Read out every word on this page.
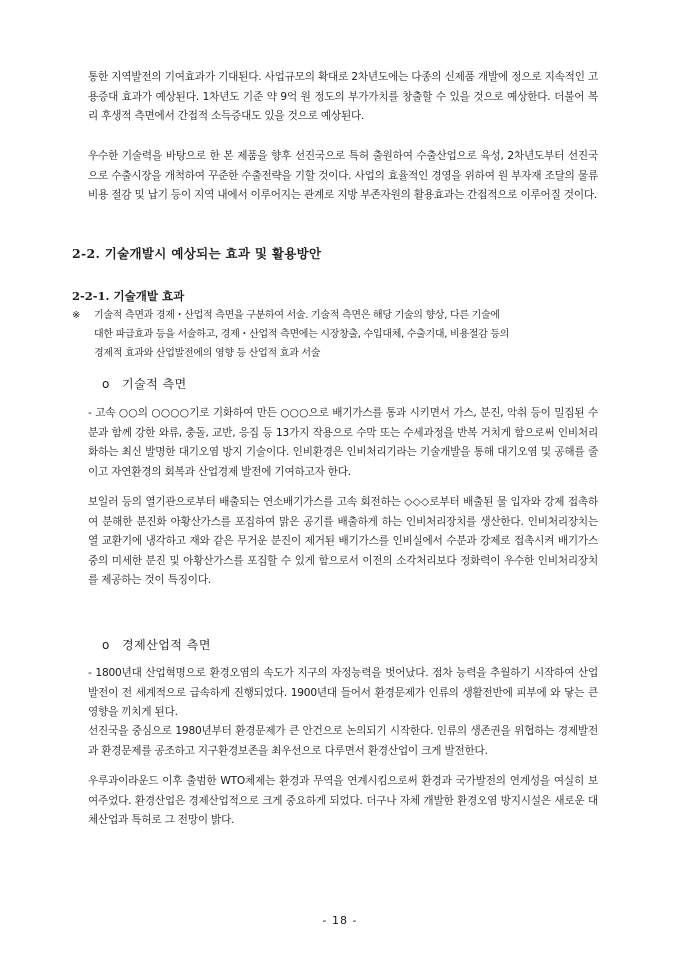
통한 지역발전의 기여효과가 기대된다. 사업규모의 확대로 2차년도에는 다종의 신제품 개발에 정으로 지속적인 고용증대 효과가 예상된다. 1차년도 기준 약 9억 원 정도의 부가가치를 창출할 수 있을 것으로 예상한다. 더불어 복리 후생적 측면에서 간접적 소득증대도 있을 것으로 예상된다.

우수한 기술력을 바탕으로 한 본 제품을 향후 선진국으로 특허 출원하여 수출산업으로 육성, 2차년도부터 선진국으로 수출시장을 개척하여 꾸준한 수출전략을 기할 것이다. 사업의 효율적인 경영을 위하여 원 부자재 조달의 물류비용 절감 및 납기 등이 지역 내에서 이루어지는 관계로 지방 부존자원의 활용효과는 간접적으로 이루어질 것이다.

2-2. 기술개발시 예상되는 효과 및 활용방안
2-2-1. 기술개발 효과
※ 기술적 측면과 경제・산업적 측면을 구분하여 서술. 기술적 측면은 해당 기술의 향상, 다른 기술에
대한 파급효과 등을 서술하고, 경제・산업적 측면에는 시장창출, 수입대체, 수출기대, 비용절감 등의
경제적 효과와 산업발전에의 영향 등 산업적 효과 서술
o 기술적 측면

- 고속 ○○의 ○○○○기로 기화하여 만든 ○○○으로 배기가스를 통과 시키면서 가스, 분진, 악취 등이 밀집된 수분과 함께 강한 와류, 충돌, 교반, 응집 등 13가지 작용으로 수막 또는 수세과정을 반복 거치게 함으로써 인비처리화하는 최신 발명한 대기오염 방지 기술이다. 인비환경은 인비처리기라는 기술개발을 통해 대기오염 및 공해를 줄이고 자연환경의 회복과 산업경제 발전에 기여하고자 한다.

보일러 등의 열기관으로부터 배출되는 연소배기가스를 고속 회전하는 ◇◇◇로부터 배출된 물 입자와 강제 접촉하여 분해한 분진화 아황산가스를 포집하여 맑은 공기를 배출하게 하는 인비처리장치를 생산한다. 인비처리장치는 열 교환기에 냉각하고 재와 같은 무거운 분진이 제거된 배기가스를 인비실에서 수분과 강제로 접촉시켜 배기가스 중의 미세한 분진 및 아황산가스를 포집할 수 있게 함으로서 이전의 소각처리보다 정화력이 우수한 인비처리장치를 제공하는 것이 특징이다.

o 경제산업적 측면

- 1800년대 산업혁명으로 환경오염의 속도가 지구의 자정능력을 벗어났다. 점차 능력을 추월하기 시작하여 산업발전이 전 세계적으로 급속하게 진행되었다. 1900년대 들어서 환경문제가 인류의 생활전반에 피부에 와 닿는 큰 영향을 끼치게 된다.

선진국을 중심으로 1980년부터 환경문제가 큰 안건으로 논의되기 시작한다. 인류의 생존권을 위협하는 경제발전과 환경문제를 공조하고 지구환경보존을 최우선으로 다루면서 환경산업이 크게 발전한다.

우루과이라운드 이후 출범한 WTO체제는 환경과 무역을 연계시킴으로써 환경과 국가발전의 연계성을 여실히 보여주었다. 환경산업은 경제산업적으로 크게 중요하게 되었다. 더구나 자체 개발한 환경오염 방지시설은 새로운 대체산업과 특허로 그 전망이 밝다.

- 18 -
